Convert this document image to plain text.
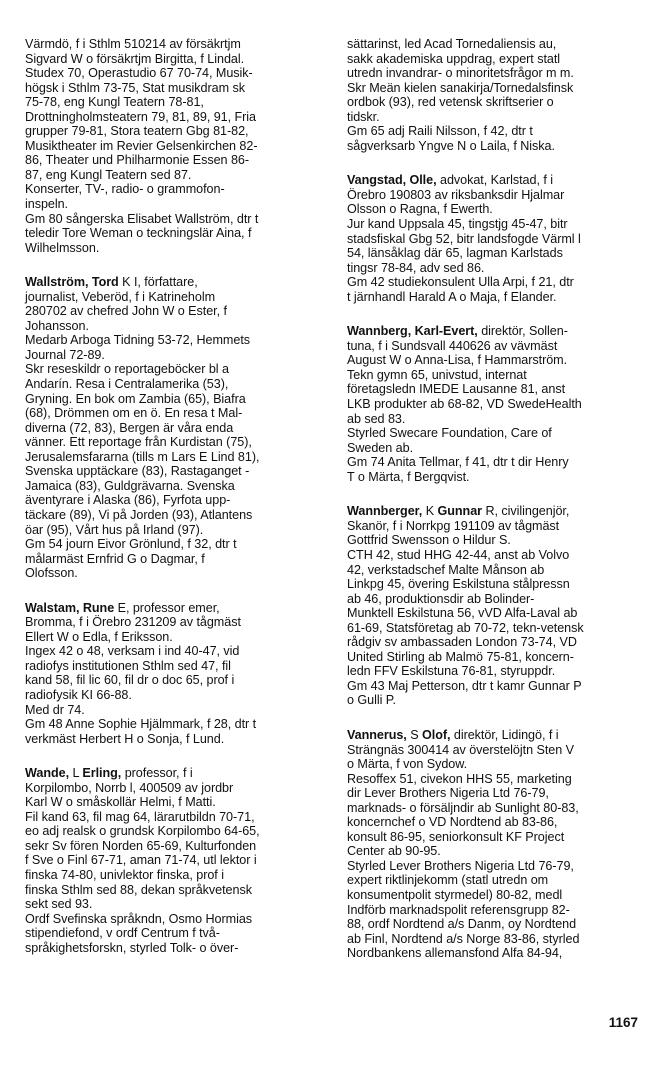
Värmdö, f i Sthlm 510214 av försäkrtjm
Sigvard W o försäkrtjm Birgitta, f Lindal.
Studex 70, Operastudio 67 70-74, Musik-
högsk i Sthlm 73-75, Stat musikdram sk
75-78, eng Kungl Teatern 78-81,
Drottningholmsteatern 79, 81, 89, 91, Fria
grupper 79-81, Stora teatern Gbg 81-82,
Musiktheater im Revier Gelsenkirchen 82-
86, Theater und Philharmonie Essen 86-
87, eng Kungl Teatern sed 87.
Konserter, TV-, radio- o grammofon-
inspeln.
Gm 80 sångerska Elisabet Wallström, dtr t
teledir Tore Weman o teckningslär Aina, f
Wilhelmsson.
Wallström, Tord K I, författare,
journalist, Veberöd, f i Katrineholm
280702 av chefred John W o Ester, f
Johansson.
Medarb Arboga Tidning 53-72, Hemmets
Journal 72-89.
Skr reseskildr o reportageböcker bl a
Andarín. Resa i Centralamerika (53),
Gryning. En bok om Zambia (65), Biafra
(68), Drömmen om en ö. En resa t Mal-
diverna (72, 83), Bergen är våra enda
vänner. Ett reportage från Kurdistan (75),
Jerusalemsfararna (tills m Lars E Lind 81),
Svenska upptäckare (83), Rastaganget -
Jamaica (83), Guldgrävarna. Svenska
äventyrare i Alaska (86), Fyrfota upp-
täckare (89), Vi på Jorden (93), Atlantens
öar (95), Vårt hus på Irland (97).
Gm 54 journ Eivor Grönlund, f 32, dtr t
målarmäst Ernfrid G o Dagmar, f
Olofsson.
Walstam, Rune E, professor emer,
Bromma, f i Örebro 231209 av tågmäst
Ellert W o Edla, f Eriksson.
Ingex 42 o 48, verksam i ind 40-47, vid
radiofys institutionen Sthlm sed 47, fil
kand 58, fil lic 60, fil dr o doc 65, prof i
radiofysik KI 66-88.
Med dr 74.
Gm 48 Anne Sophie Hjälmmark, f 28, dtr t
verkmäst Herbert H o Sonja, f Lund.
Wande, L Erling, professor, f i
Korpilombo, Norrb l, 400509 av jordbr
Karl W o småskollär Helmi, f Matti.
Fil kand 63, fil mag 64, lärarutbildn 70-71,
eo adj realsk o grundsk Korpilombo 64-65,
sekr Sv fören Norden 65-69, Kulturfonden
f Sve o Finl 67-71, aman 71-74, utl lektor i
finska 74-80, univlektor finska, prof i
finska Sthlm sed 88, dekan språkvetensk
sekt sed 93.
Ordf Svefinska språkndn, Osmo Hormias
stipendiefond, v ordf Centrum f två-
språkighetsforskn, styrled Tolk- o över-
sättarinst, led Acad Tornedaliensis au,
sakk akademiska uppdrag, expert statl
utredn invandrar- o minoritetsfrågor m m.
Skr Meän kielen sanakirja/Tornedalsfinsk
ordbok (93), red vetensk skriftserier o
tidskr.
Gm 65 adj Raili Nilsson, f 42, dtr t
sågverksarb Yngve N o Laila, f Niska.
Vangstad, Olle, advokat, Karlstad, f i
Örebro 190803 av riksbanksdir Hjalmar
Olsson o Ragna, f Ewerth.
Jur kand Uppsala 45, tingstjg 45-47, bitr
stadsfiskal Gbg 52, bitr landsfogde Värml l
54, länsåklag där 65, lagman Karlstads
tingsr 78-84, adv sed 86.
Gm 42 studiekonsulent Ulla Arpi, f 21, dtr
t järnhandl Harald A o Maja, f Elander.
Wannberg, Karl-Evert, direktör, Sollen-
tuna, f i Sundsvall 440626 av vävmäst
August W o Anna-Lisa, f Hammarström.
Tekn gymn 65, univstud, internat
företagsledn IMEDE Lausanne 81, anst
LKB produkter ab 68-82, VD SwedeHealth
ab sed 83.
Styrled Swecare Foundation, Care of
Sweden ab.
Gm 74 Anita Tellmar, f 41, dtr t dir Henry
T o Märta, f Bergqvist.
Wannberger, K Gunnar R, civilingenjör,
Skanör, f i Norrkpg 191109 av tågmäst
Gottfrid Swensson o Hildur S.
CTH 42, stud HHG 42-44, anst ab Volvo
42, verkstadschef Malte Månson ab
Linkpg 45, övering Eskilstuna stålpressn
ab 46, produktionsdir ab Bolinder-
Munktell Eskilstuna 56, vVD Alfa-Laval ab
61-69, Statsföretag ab 70-72, tekn-vetensk
rådgiv sv ambassaden London 73-74, VD
United Stirling ab Malmö 75-81, koncern-
ledn FFV Eskilstuna 76-81, styruppdr.
Gm 43 Maj Petterson, dtr t kamr Gunnar P
o Gulli P.
Vannerus, S Olof, direktör, Lidingö, f i
Strängnäs 300414 av överstelöjtn Sten V
o Märta, f von Sydow.
Resoffex 51, civekon HHS 55, marketing
dir Lever Brothers Nigeria Ltd 76-79,
marknads- o försäljndir ab Sunlight 80-83,
koncernchef o VD Nordtend ab 83-86,
konsult 86-95, seniorkonsult KF Project
Center ab 90-95.
Styrled Lever Brothers Nigeria Ltd 76-79,
expert riktlinjekomm (statl utredn om
konsumentpolit styrmedel) 80-82, medl
Indförb marknadspolit referensgrupp 82-
88, ordf Nordtend a/s Danm, oy Nordtend
ab Finl, Nordtend a/s Norge 83-86, styrled
Nordbankens allemansfond Alfa 84-94,
1167
